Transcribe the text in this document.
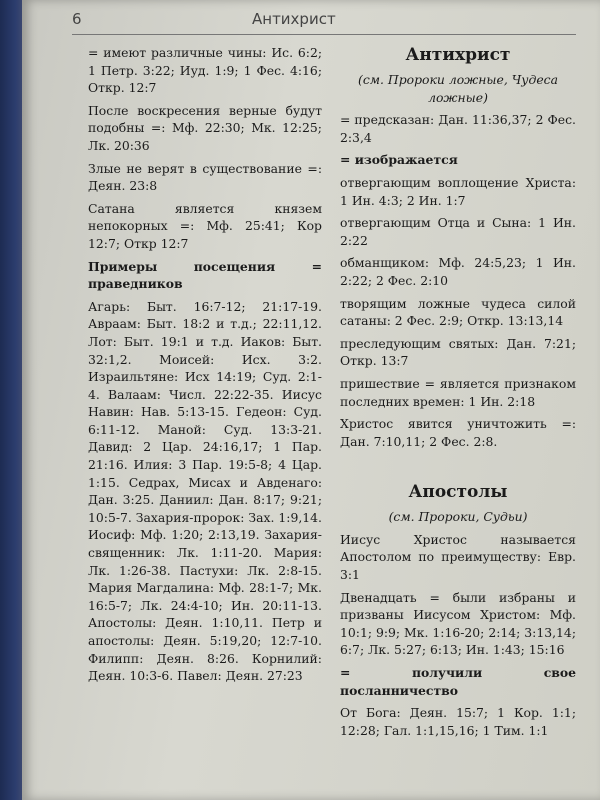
6	Антихрист

= имеют различные чины: Ис. 6:2; 1 Петр. 3:22; Иуд. 1:9; 1 Фес. 4:16; Откр. 12:7

После воскресения верные будут подобны =: Мф. 22:30; Мк. 12:25; Лк. 20:36

Злые не верят в существование =: Деян. 23:8

Сатана является князем непокорных =: Мф. 25:41; Кор 12:7; Откр 12:7

Примеры посещения = праведников

Агарь: Быт. 16:7-12; 21:17-19. Авраам: Быт. 18:2 и т.д.; 22:11,12. Лот: Быт. 19:1 и т.д. Иаков: Быт. 32:1,2. Моисей: Исх. 3:2. Израильтяне: Исх 14:19; Суд. 2:1-4. Валаам: Числ. 22:22-35. Иисус Навин: Нав. 5:13-15. Гедеон: Суд. 6:11-12. Маной: Суд. 13:3-21. Давид: 2 Цар. 24:16,17; 1 Пар. 21:16. Илия: 3 Пар. 19:5-8; 4 Цар. 1:15. Седрах, Мисах и Авденаго: Дан. 3:25. Даниил: Дан. 8:17; 9:21; 10:5-7. Захария-пророк: Зах. 1:9,14. Иосиф: Мф. 1:20; 2:13,19. Захария-священник: Лк. 1:11-20. Мария: Лк. 1:26-38. Пастухи: Лк. 2:8-15. Мария Магдалина: Мф. 28:1-7; Мк. 16:5-7; Лк. 24:4-10; Ин. 20:11-13. Апостолы: Деян. 1:10,11. Петр и апостолы: Деян. 5:19,20; 12:7-10. Филипп: Деян. 8:26. Корнилий: Деян. 10:3-6. Павел: Деян. 27:23

Антихрист

(см. Пророки ложные, Чудеса ложные)

= предсказан: Дан. 11:36,37; 2 Фес. 2:3,4

= изображается

отвергающим воплощение Христа: 1 Ин. 4:3; 2 Ин. 1:7

отвергающим Отца и Сына: 1 Ин. 2:22

обманщиком: Мф. 24:5,23; 1 Ин. 2:22; 2 Фес. 2:10

творящим ложные чудеса силой сатаны: 2 Фес. 2:9; Откр. 13:13,14

преследующим святых: Дан. 7:21; Откр. 13:7

пришествие = является признаком последних времен: 1 Ин. 2:18

Христос явится уничтожить =: Дан. 7:10,11; 2 Фес. 2:8.

Апостолы

(см. Пророки, Судьи)

Иисус Христос называется Апостолом по преимуществу: Евр. 3:1

Двенадцать = были избраны и призваны Иисусом Христом: Мф. 10:1; 9:9; Мк. 1:16-20; 2:14; 3:13,14; 6:7; Лк. 5:27; 6:13; Ин. 1:43; 15:16

= получили свое посланничество

От Бога: Деян. 15:7; 1 Кор. 1:1; 12:28; Гал. 1:1,15,16; 1 Тим. 1:1
